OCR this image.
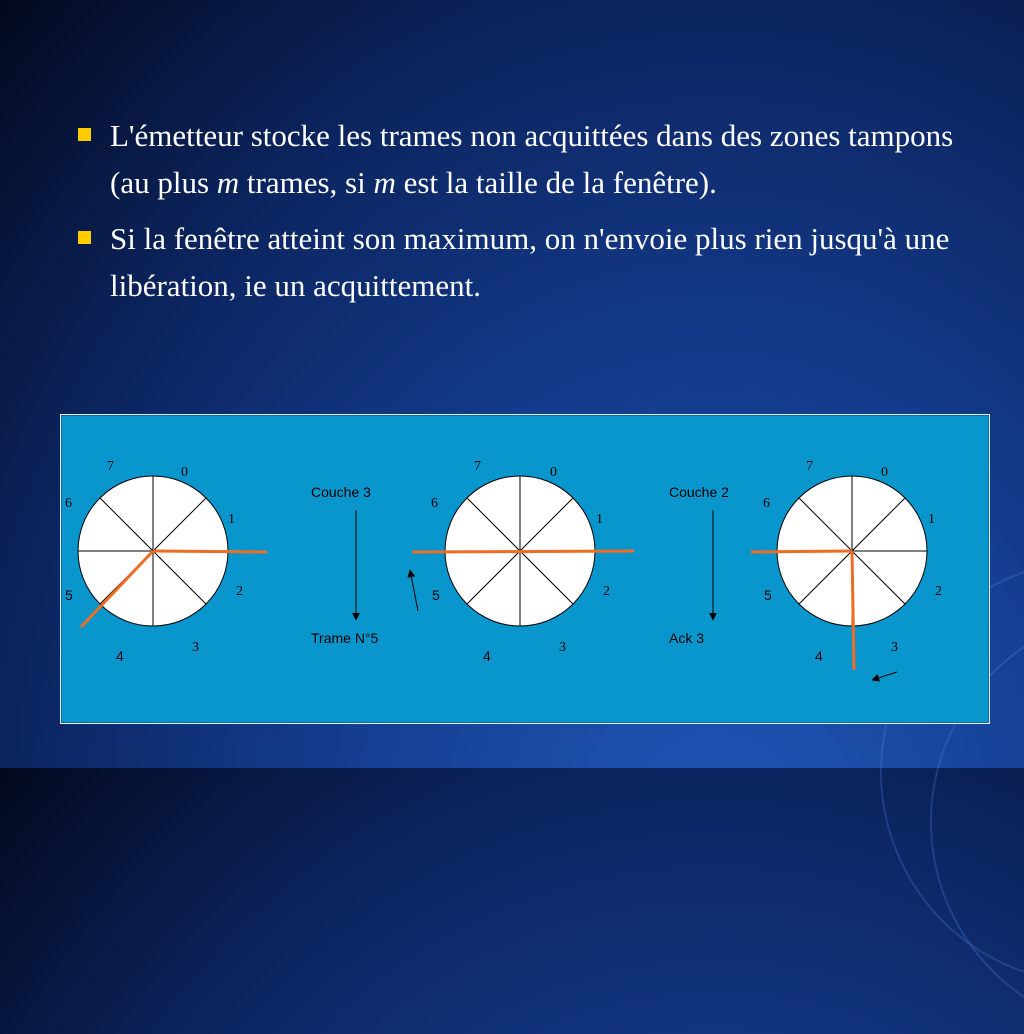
L'émetteur stocke les trames non acquittées dans des zones tampons (au plus m trames, si m est la taille de la fenêtre).
Si la fenêtre atteint son maximum, on n'envoie plus rien jusqu'à une libération, ie un acquittement.
7	0
6
1
5	2
4
3
Couche 3
Trame N°5
7	0
6
1
5	2
4
3
Couche 2
Ack 3
7	0
6
1
5	2
4
3
